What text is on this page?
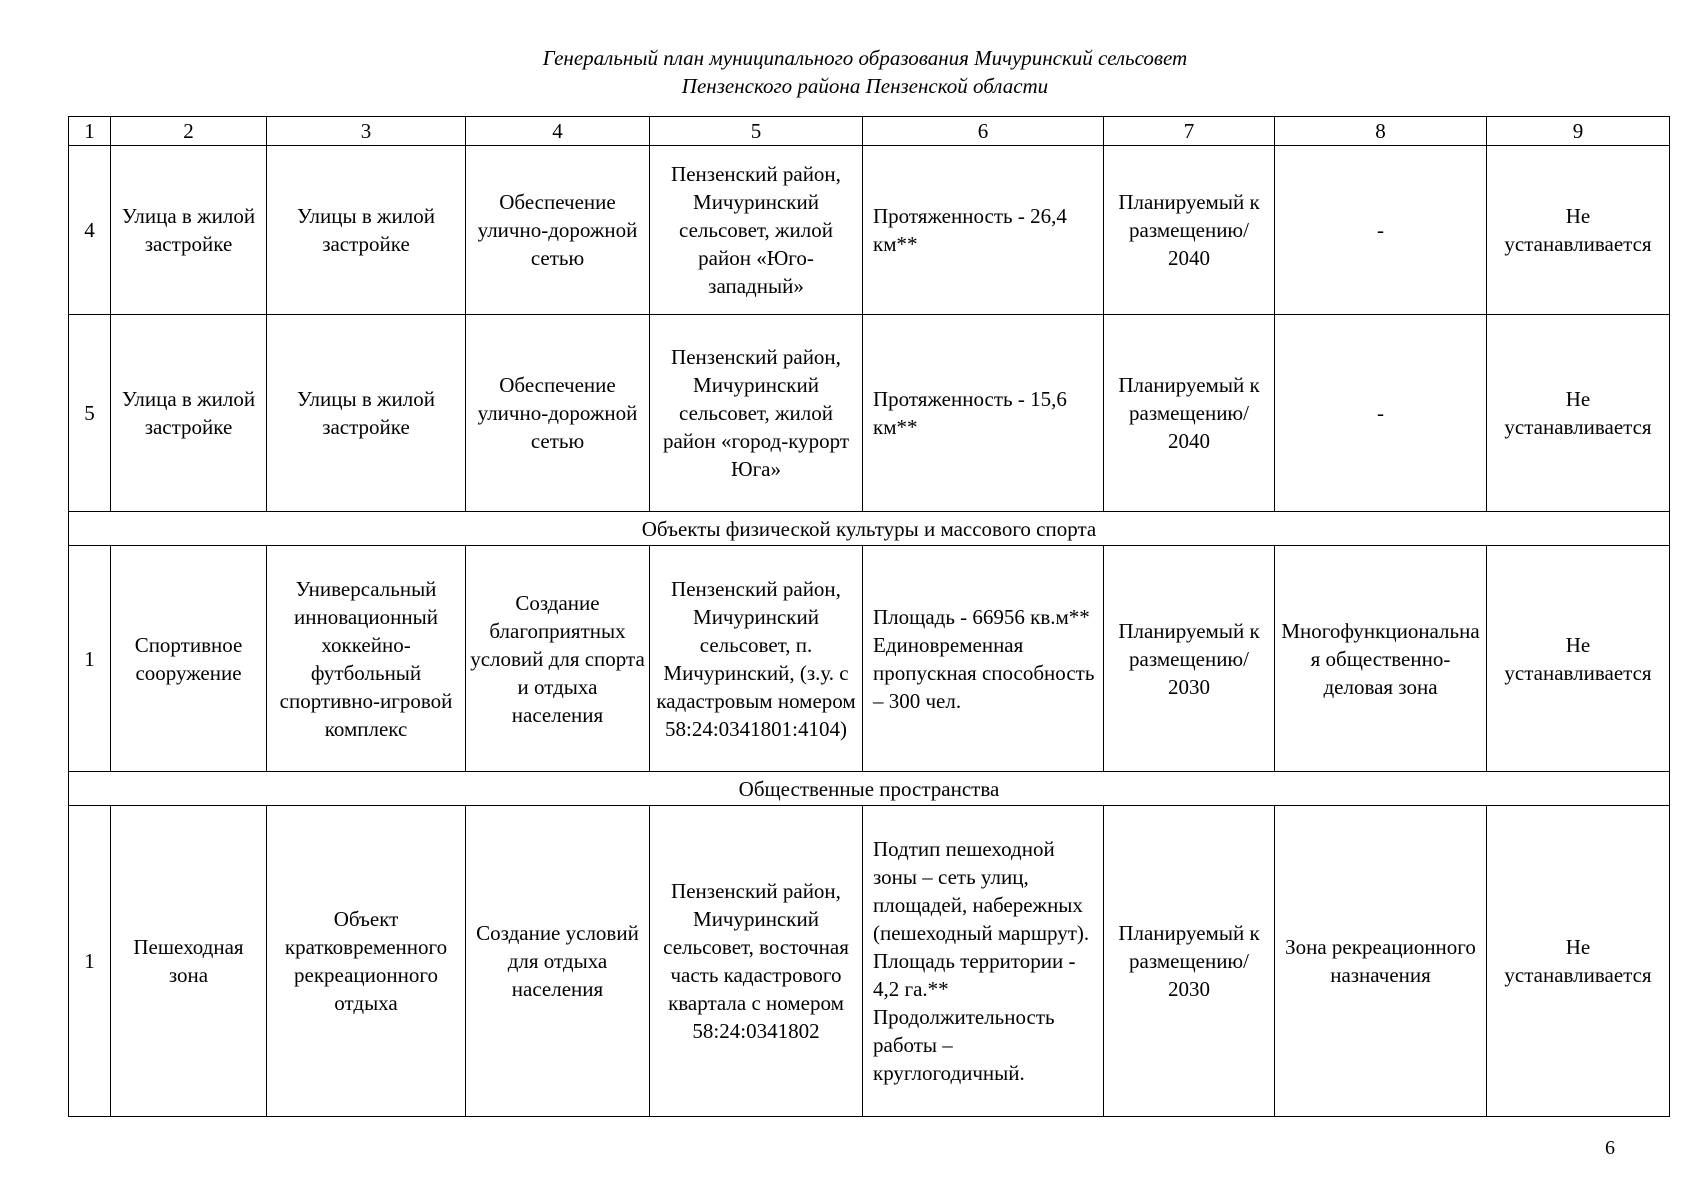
Генеральный план муниципального образования Мичуринский сельсовет
Пензенского района Пензенской области
1	2	3	4	5	6	7	8	9
4	Улица в жилой застройке	Улицы в жилой застройке	Обеспечение улично-дорожной сетью	Пензенский район, Мичуринский сельсовет, жилой район «Юго-западный»	Протяженность - 26,4 км**	Планируемый к размещению/ 2040	-	Не устанавливается
5	Улица в жилой застройке	Улицы в жилой застройке	Обеспечение улично-дорожной сетью	Пензенский район, Мичуринский сельсовет, жилой район «город-курорт Юга»	Протяженность - 15,6 км**	Планируемый к размещению/ 2040	-	Не устанавливается
Объекты физической культуры и массового спорта								
1	Спортивное сооружение	Универсальный инновационный хоккейно-футбольный спортивно-игровой комплекс	Создание благоприятных условий для спорта и отдыха населения	Пензенский район, Мичуринский сельсовет, п. Мичуринский, (з.у. с кадастровым номером 58:24:0341801:4104)	Площадь - 66956 кв.м** Единовременная пропускная способность – 300 чел.	Планируемый к размещению/ 2030	Многофункциональная общественно-деловая зона	Не устанавливается
Общественные пространства								
1	Пешеходная зона	Объект кратковременного рекреационного отдыха	Создание условий для отдыха населения	Пензенский район, Мичуринский сельсовет, восточная часть кадастрового квартала с номером 58:24:0341802	Подтип пешеходной зоны – сеть улиц, площадей, набережных (пешеходный маршрут). Площадь территории - 4,2 га.** Продолжительность работы – круглогодичный.	Планируемый к размещению/ 2030	Зона рекреационного назначения	Не устанавливается
6
